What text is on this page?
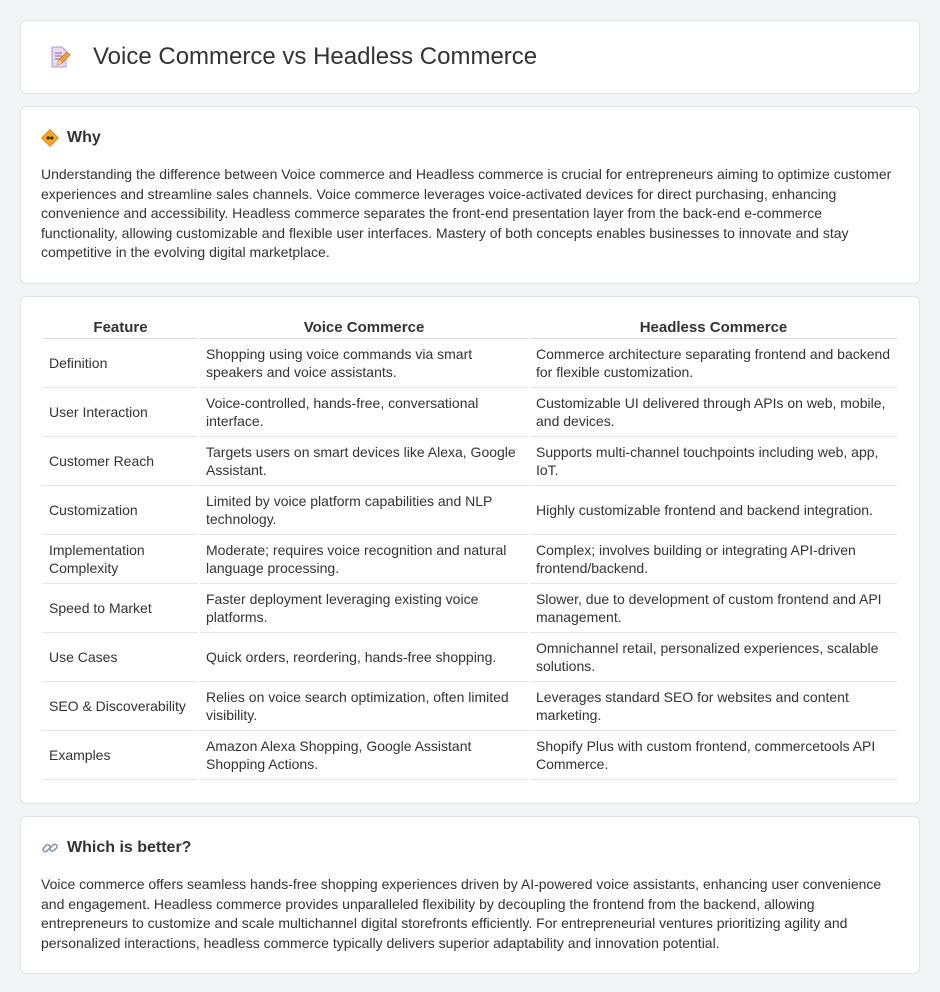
Voice Commerce vs Headless Commerce
Why

Understanding the difference between Voice commerce and Headless commerce is crucial for entrepreneurs aiming to optimize customer experiences and streamline sales channels. Voice commerce leverages voice-activated devices for direct purchasing, enhancing convenience and accessibility. Headless commerce separates the front-end presentation layer from the back-end e-commerce functionality, allowing customizable and flexible user interfaces. Mastery of both concepts enables businesses to innovate and stay competitive in the evolving digital marketplace.

Feature	Voice Commerce	Headless Commerce
Definition	Shopping using voice commands via smart speakers and voice assistants.	Commerce architecture separating frontend and backend for flexible customization.
User Interaction	Voice-controlled, hands-free, conversational interface.	Customizable UI delivered through APIs on web, mobile, and devices.
Customer Reach	Targets users on smart devices like Alexa, Google Assistant.	Supports multi-channel touchpoints including web, app, IoT.
Customization	Limited by voice platform capabilities and NLP technology.	Highly customizable frontend and backend integration.
Implementation Complexity	Moderate; requires voice recognition and natural language processing.	Complex; involves building or integrating API-driven frontend/backend.
Speed to Market	Faster deployment leveraging existing voice platforms.	Slower, due to development of custom frontend and API management.
Use Cases	Quick orders, reordering, hands-free shopping.	Omnichannel retail, personalized experiences, scalable solutions.
SEO & Discoverability	Relies on voice search optimization, often limited visibility.	Leverages standard SEO for websites and content marketing.
Examples	Amazon Alexa Shopping, Google Assistant Shopping Actions.	Shopify Plus with custom frontend, commercetools API Commerce.
Which is better?

Voice commerce offers seamless hands-free shopping experiences driven by AI-powered voice assistants, enhancing user convenience and engagement. Headless commerce provides unparalleled flexibility by decoupling the frontend from the backend, allowing entrepreneurs to customize and scale multichannel digital storefronts efficiently. For entrepreneurial ventures prioritizing agility and personalized interactions, headless commerce typically delivers superior adaptability and innovation potential.
